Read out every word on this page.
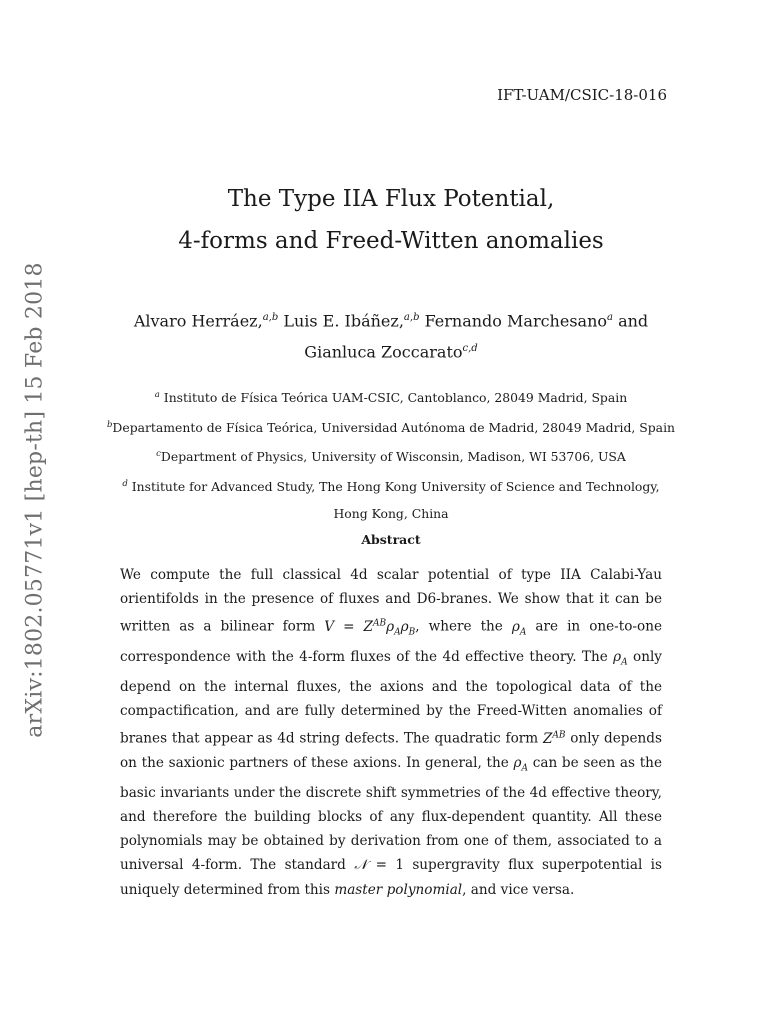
IFT-UAM/CSIC-18-016
arXiv:1802.05771v1 [hep-th] 15 Feb 2018
The Type IIA Flux Potential,
4-forms and Freed-Witten anomalies
Alvaro Herráez,$^{a,b}$ Luis E. Ibáñez,$^{a,b}$ Fernando Marchesano$^a$ and
Gianluca Zoccarato$^{c,d}$
$^a$ Instituto de Física Teórica UAM-CSIC, Cantoblanco, 28049 Madrid, Spain
$^b$Departamento de Física Teórica, Universidad Autónoma de Madrid, 28049 Madrid, Spain
$^c$Department of Physics, University of Wisconsin, Madison, WI 53706, USA
$^d$ Institute for Advanced Study, The Hong Kong University of Science and Technology,
Hong Kong, China
Abstract

We compute the full classical 4d scalar potential of type IIA Calabi-Yau orientifolds in the presence of fluxes and D6-branes. We show that it can be written as a bilinear form $V = Z^{AB}\rho_A\rho_B$, where the $\rho_A$ are in one-to-one correspondence with the 4-form fluxes of the 4d effective theory. The $\rho_A$ only depend on the internal fluxes, the axions and the topological data of the compactification, and are fully determined by the Freed-Witten anomalies of branes that appear as 4d string defects. The quadratic form $Z^{AB}$ only depends on the saxionic partners of these axions. In general, the $\rho_A$ can be seen as the basic invariants under the discrete shift symmetries of the 4d effective theory, and therefore the building blocks of any flux-dependent quantity. All these polynomials may be obtained by derivation from one of them, associated to a universal 4-form. The standard 𝒩 = 1 supergravity flux superpotential is uniquely determined from this master polynomial, and vice versa.
